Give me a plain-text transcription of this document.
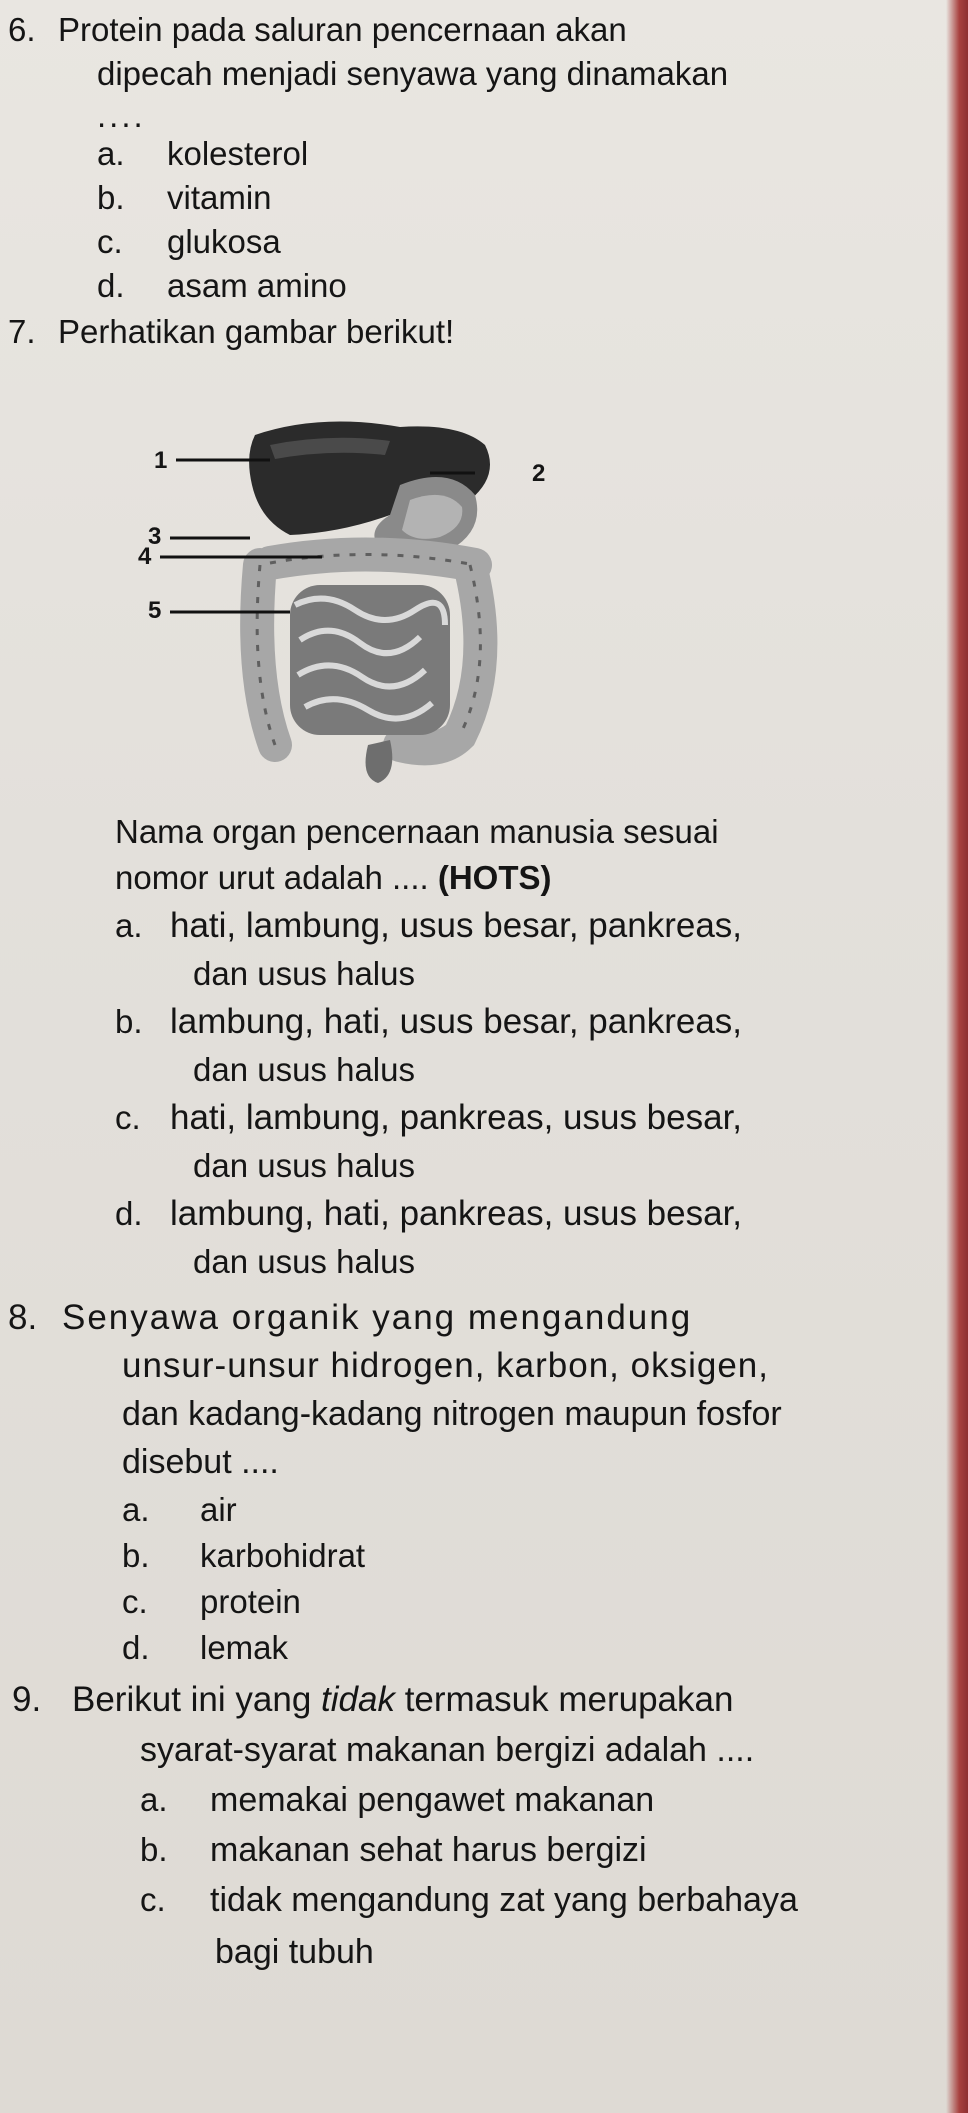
6. Protein pada saluran pencernaan akan
dipecah menjadi senyawa yang dinamakan
....
a. kolesterol
b. vitamin
c. glukosa
d. asam amino
7. Perhatikan gambar berikut!
1	2
3
4
5
Nama organ pencernaan manusia sesuai
nomor urut adalah .... (HOTS)
a. hati, lambung, usus besar, pankreas,
dan usus halus
b. lambung, hati, usus besar, pankreas,
dan usus halus
c. hati, lambung, pankreas, usus besar,
dan usus halus
d. lambung, hati, pankreas, usus besar,
dan usus halus
8. Senyawa organik yang mengandung
unsur-unsur hidrogen, karbon, oksigen,
dan kadang-kadang nitrogen maupun fosfor
disebut ....
a. air
b. karbohidrat
c. protein
d. lemak
9. Berikut ini yang tidak termasuk merupakan
syarat-syarat makanan bergizi adalah ....
a. memakai pengawet makanan
b. makanan sehat harus bergizi
c. tidak mengandung zat yang berbahaya
bagi tubuh
